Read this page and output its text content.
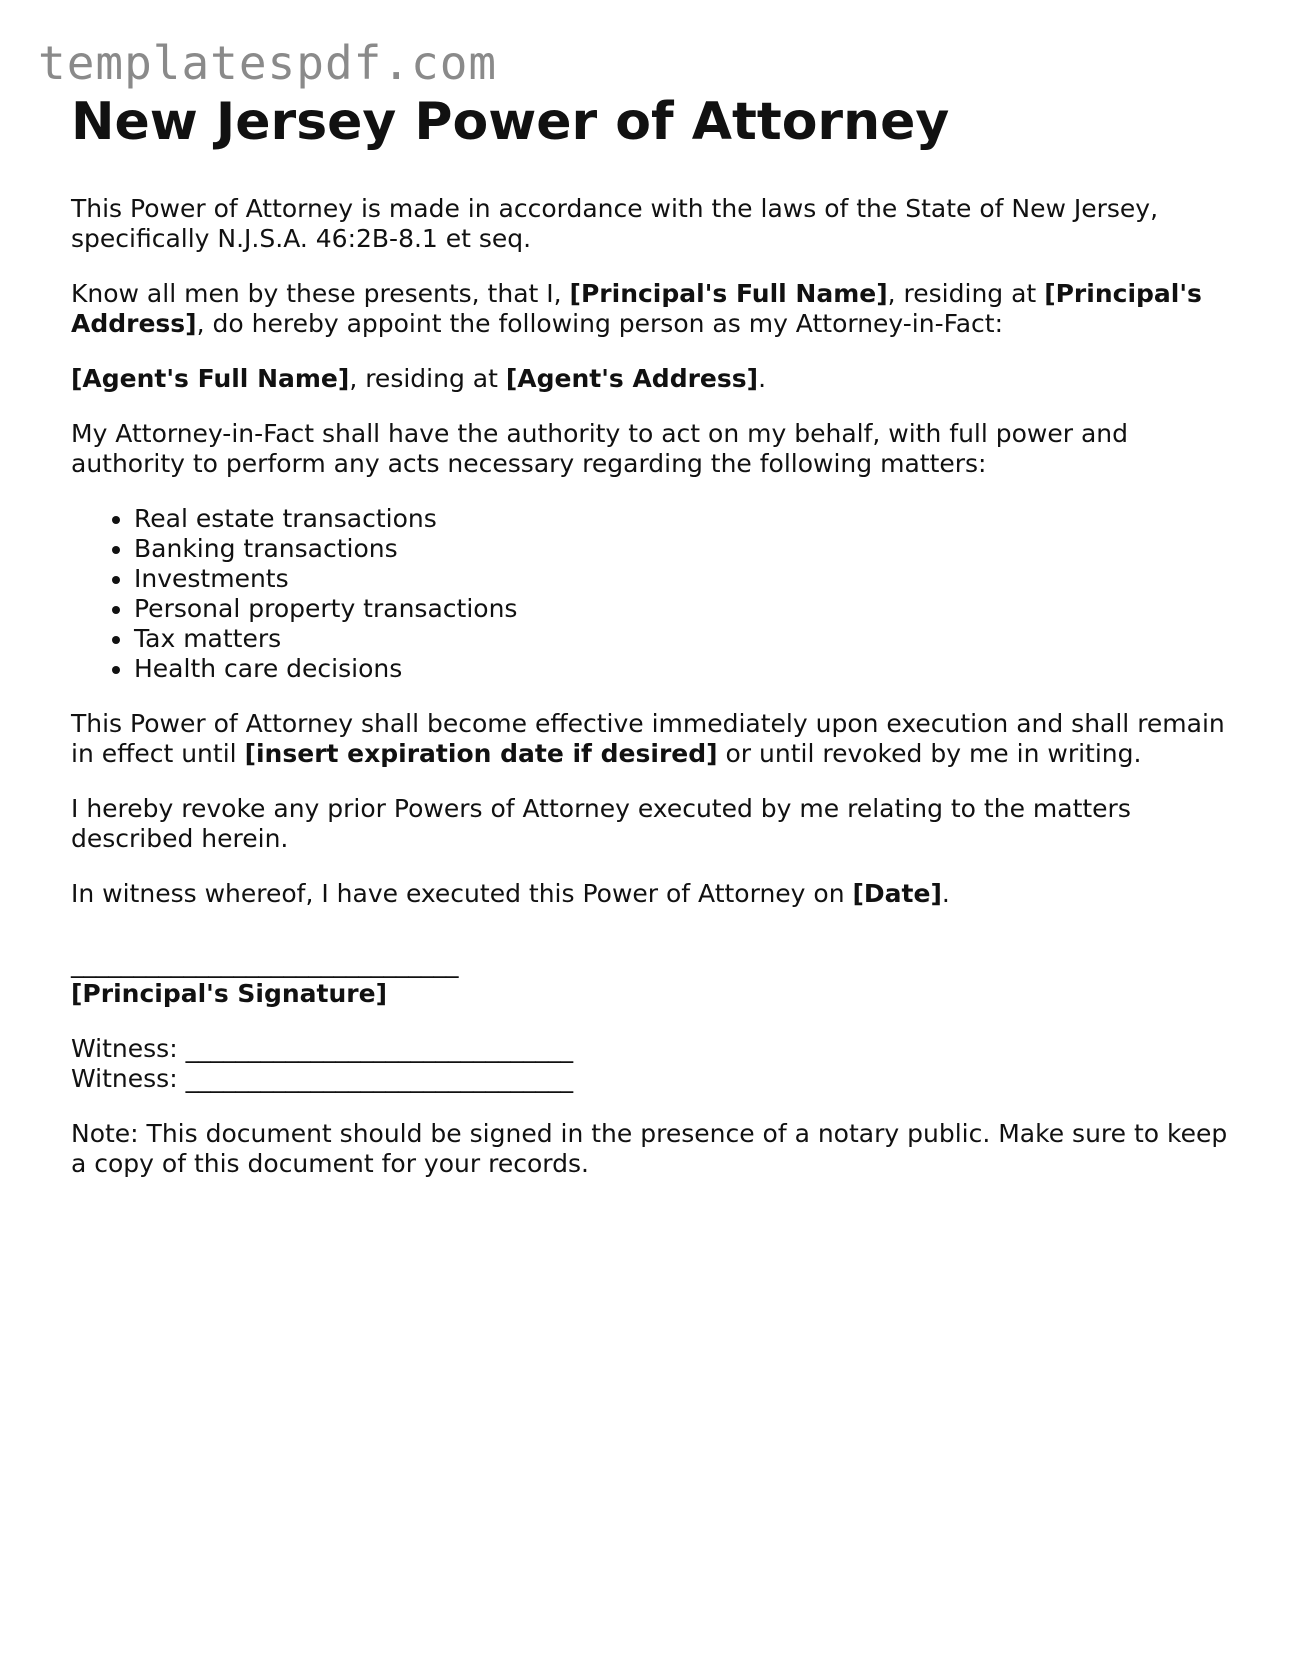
templatespdf.com
New Jersey Power of Attorney

This Power of Attorney is made in accordance with the laws of the State of New Jersey, specifically N.J.S.A. 46:2B-8.1 et seq.

Know all men by these presents, that I, [Principal's Full Name], residing at [Principal's Address], do hereby appoint the following person as my Attorney-in-Fact:

[Agent's Full Name], residing at [Agent's Address].

My Attorney-in-Fact shall have the authority to act on my behalf, with full power and authority to perform any acts necessary regarding the following matters:

• Real estate transactions
• Banking transactions
• Investments
• Personal property transactions
• Tax matters
• Health care decisions

This Power of Attorney shall become effective immediately upon execution and shall remain in effect until [insert expiration date if desired] or until revoked by me in writing.

I hereby revoke any prior Powers of Attorney executed by me relating to the matters described herein.

In witness whereof, I have executed this Power of Attorney on [Date].

_______________________________
[Principal's Signature]
Witness: _______________________________
Witness: _______________________________

Note: This document should be signed in the presence of a notary public. Make sure to keep a copy of this document for your records.
